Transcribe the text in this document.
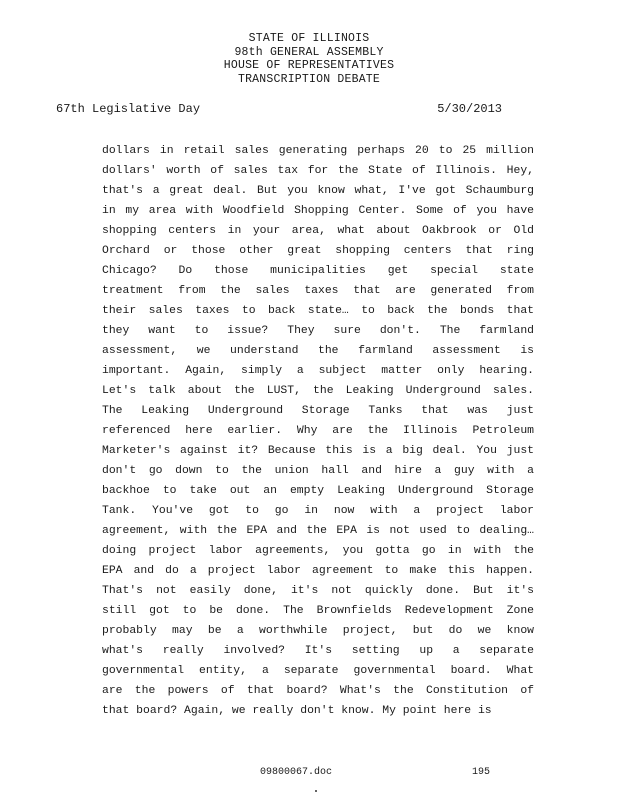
STATE OF ILLINOIS
98th GENERAL ASSEMBLY
HOUSE OF REPRESENTATIVES
TRANSCRIPTION DEBATE
67th Legislative Day	5/30/2013
dollars in retail sales generating perhaps 20 to 25 million
dollars' worth of sales tax for the State of Illinois. Hey,
that's a great deal. But you know what, I've got Schaumburg
in my area with Woodfield Shopping Center. Some of you have
shopping centers in your area, what about Oakbrook or Old
Orchard or those other great shopping centers that ring
Chicago? Do those municipalities get special state
treatment from the sales taxes that are generated from
their sales taxes to back state… to back the bonds that
they want to issue? They sure don't. The farmland
assessment, we understand the farmland assessment is
important. Again, simply a subject matter only hearing.
Let's talk about the LUST, the Leaking Underground sales.
The Leaking Underground Storage Tanks that was just
referenced here earlier. Why are the Illinois Petroleum
Marketer's against it? Because this is a big deal. You just
don't go down to the union hall and hire a guy with a
backhoe to take out an empty Leaking Underground Storage
Tank. You've got to go in now with a project labor
agreement, with the EPA and the EPA is not used to dealing…
doing project labor agreements, you gotta go in with the
EPA and do a project labor agreement to make this happen.
That's not easily done, it's not quickly done. But it's
still got to be done. The Brownfields Redevelopment Zone
probably may be a worthwhile project, but do we know
what's really involved? It's setting up a separate
governmental entity, a separate governmental board. What
are the powers of that board? What's the Constitution of
that board? Again, we really don't know. My point here is
09800067.doc	195
